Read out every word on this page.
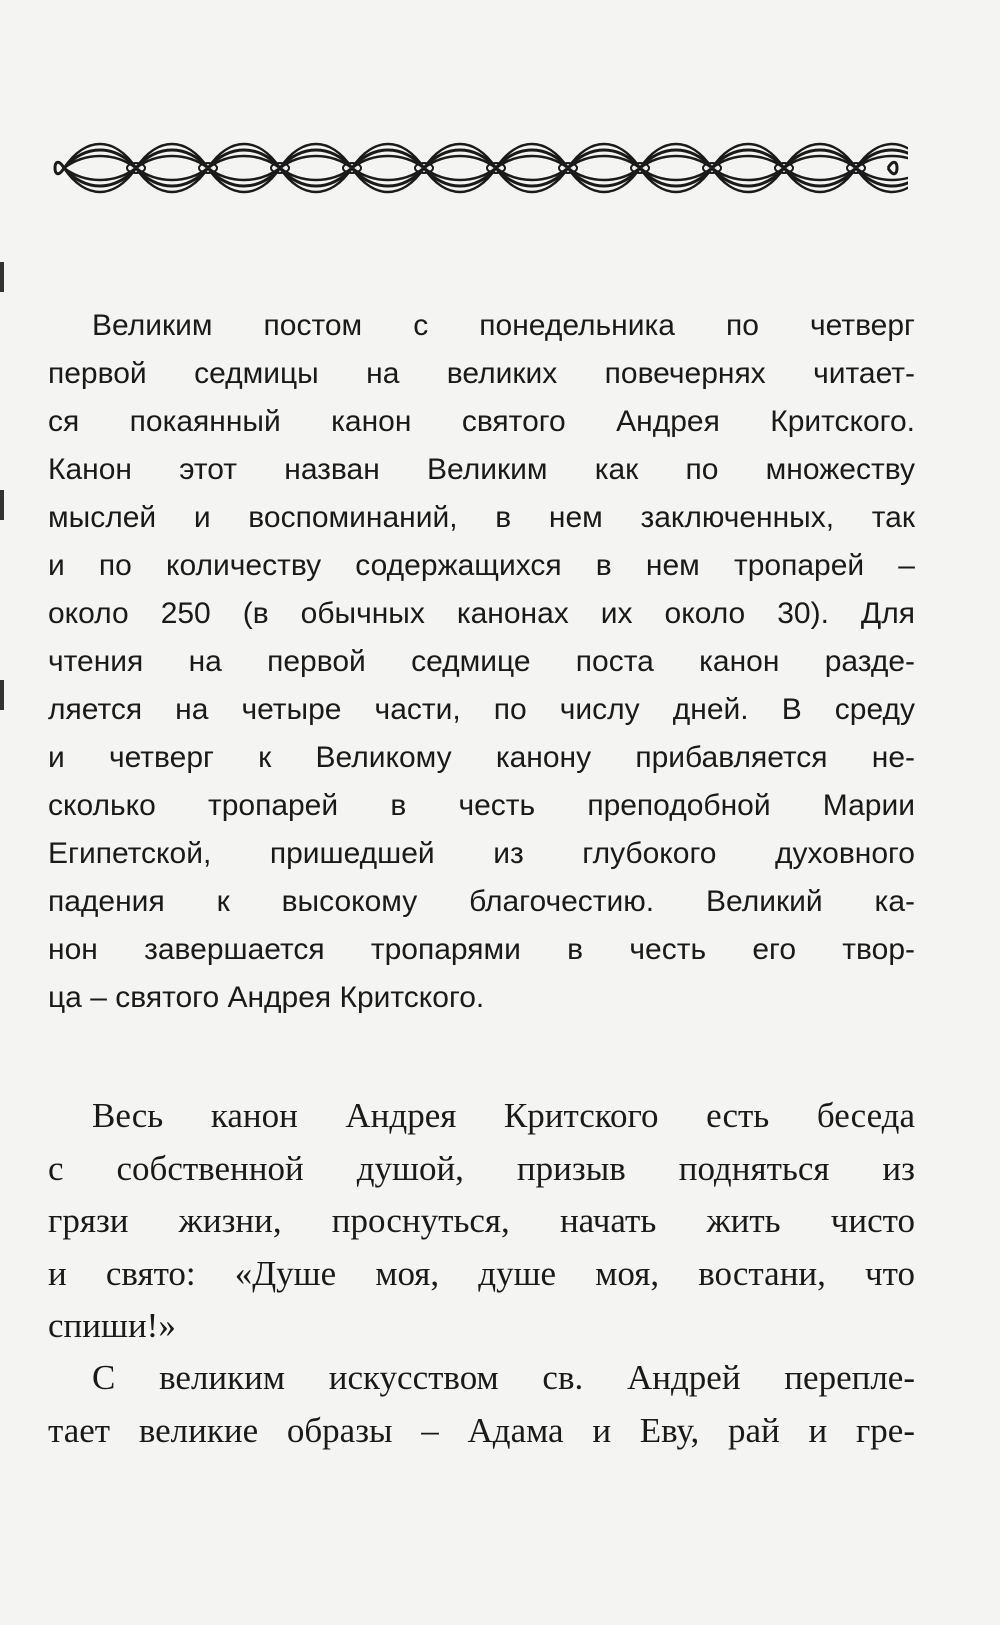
Великим постом с понедельника по четверг
первой седмицы на великих повечернях читает-
ся покаянный канон святого Андрея Критского.
Канон этот назван Великим как по множеству
мыслей и воспоминаний, в нем заключенных, так
и по количеству содержащихся в нем тропарей –
около 250 (в обычных канонах их около 30). Для
чтения на первой седмице поста канон разде-
ляется на четыре части, по числу дней. В среду
и четверг к Великому канону прибавляется не-
сколько тропарей в честь преподобной Марии
Египетской, пришедшей из глубокого духовного
падения к высокому благочестию. Великий ка-
нон завершается тропарями в честь его твор-
ца – святого Андрея Критского.
Весь канон Андрея Критского есть беседа
с собственной душой, призыв подняться из
грязи жизни, проснуться, начать жить чисто
и свято: «Душе моя, душе моя, востани, что
спиши!»
С великим искусством св. Андрей перепле-
тает великие образы – Адама и Еву, рай и гре-
